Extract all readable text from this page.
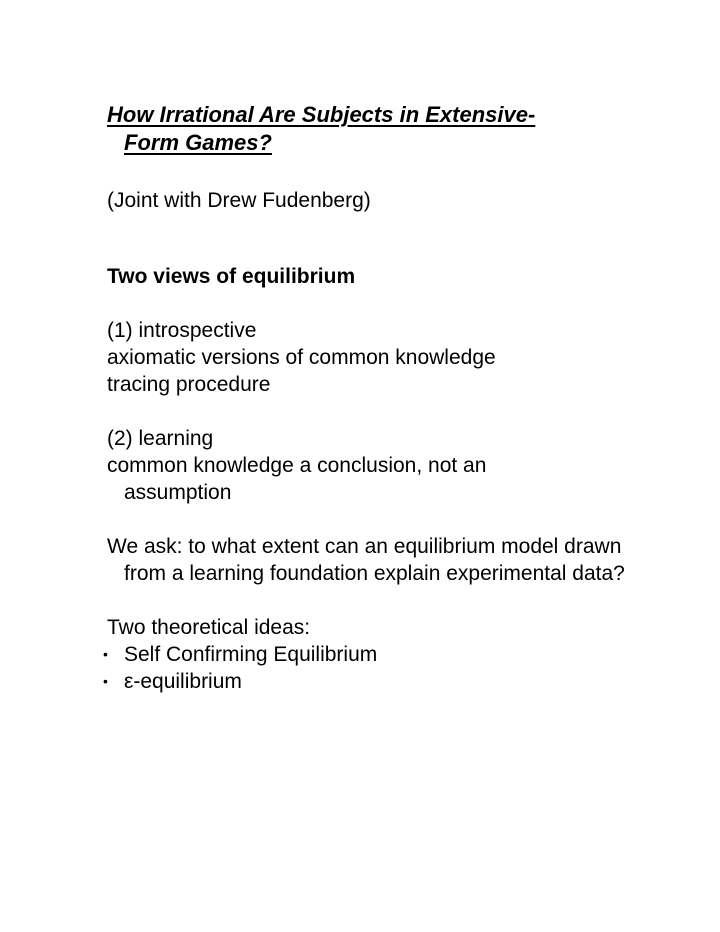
How Irrational Are Subjects in Extensive-
Form Games?

(Joint with Drew Fudenberg)

Two views of equilibrium

(1) introspective

axiomatic versions of common knowledge

tracing procedure

(2) learning

common knowledge a conclusion, not an assumption

We ask: to what extent can an equilibrium model drawn from a learning foundation explain experimental data?

Two theoretical ideas:

• Self Confirming Equilibrium
• ε-equilibrium
